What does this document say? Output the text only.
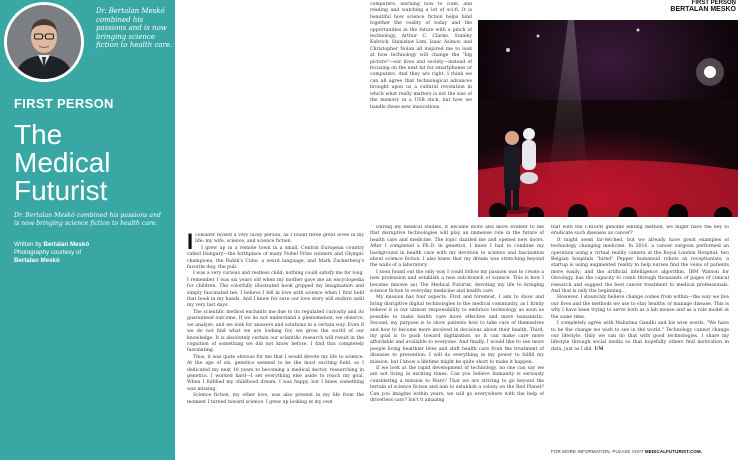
Dr. Bertalan Meskó combined his passions and is now bringing science fiction to health care.
FIRST PERSON
The
Medical
Futurist
Dr. Bertalan Meskó combined his passions and is now bringing science fiction to health care.
Written by Bertalan Meskó
Photography courtesy of
Bertalan Meskó
FIRST PERSON
BERTALAN MESKÓ
I consider myself a very lucky person, as I found three great loves in my life: my wife, science, and science fiction.

I grew up in a remote town in a small, Central European country called Hungary—the birthplace of many Nobel Prize winners and Olympic champions, the Rubik's Cube, a weird language, and Mark Zuckerberg's favorite dog, the puli.

I was a very curious and restless child; nothing could satisfy me for long. I remember I was six years old when my mother gave me an encyclopedia for children. The colorfully illustrated book gripped my imagination and simply fascinated me. I believe I fell in love with science when I first held that book in my hands. And I knew for sure our love story will endure until my very last days.

The scientific method enchants me due to its regulated curiosity and its guaranteed outcome. If we do not understand a phenomenon, we observe, we analyze, and we look for answers and solutions in a certain way. Even if we do not find what we are looking for, we grow the world of our knowledge. It is absolutely certain our scientific research will result in the cognition of something we did not know before. I find this completely fascinating.

Thus, it was quite obvious for me that I would devote my life to science. At the age of six, genetics seemed to be the most exciting field, so I dedicated my next 18 years to becoming a medical doctor, researching in genetics. I worked hard—I set everything else aside to reach my goal. When I fulfilled my childhood dream, I was happy, but I knew something was missing.

Science fiction, my other love, was also present in my life from the moment I turned toward science. I grew up looking at my own

computers, learning how to code, and reading and watching a lot of sci-fi. It is beautiful how science fiction helps bind together the reality of today and the opportunities in the future with a pinch of technology. Arthur C. Clarke, Stanley Kubrick, Stanisław Lem, Isaac Asimov, and Christopher Nolan all inspired me to look at how technology will change the "big picture"—our lives and society—instead of focusing on the next hit for smartphones or computers. And they are right. I think we can all agree that technological advances brought upon us a cultural revolution in which what really matters is not the size of the memory in a USB stick, but how we handle these new innovations.

During my medical studies, it became more and more evident to me that disruptive technologies will play an immense role in the future of health care and medicine. The topic dazzled me and opened new doors. After I completed a Ph.D. in genetics, I knew I had to combine my background in health care with my devotion to science and fascination about science fiction. I also knew that my dream was stretching beyond the walls of a laboratory.

I soon found out the only way I could follow my passion was to create a new profession and establish a new sub-branch of science. This is how I became (known as) The Medical Futurist, devoting my life to bringing science fiction to everyday medicine and health care.

My mission has four aspects. First and foremost, I aim to show and bring disruptive digital technologies to the medical community, as I firmly believe it is our utmost responsibility to embrace technology as soon as possible to make health care more effective and more humanistic. Second, my purpose is to show patients how to take care of themselves and how to become more involved in decisions about their health. Third, my goal is to push toward digitization, so it can make care more affordable and available to everyone. And finally, I would like to see more people living healthier lives and shift health care from the treatment of diseases to prevention. I will do everything in my power to fulfill my mission, but I know a lifetime might be quite short to make it happen.

If we look at the rapid development of technology, no one can say we are not living in exciting times. Can you believe humanity is seriously considering a mission to Mars? That we are striving to go beyond the terrain of science fiction and aim to establish a colony on the Red Planet? Can you imagine within years, we will go everywhere with the help of driverless cars? Isn't it amazing

that with the CRISPR genome editing method, we might have the key to eradicate such diseases as cancer?

It might seem far-fetched, but we already have great examples of technology changing medicine. In 2016, a cancer surgeon performed an operation using a virtual reality camera at the Royal London Hospital; two Belgian hospitals "hired" Pepper humanoid robots as receptionists; a startup is using augmented reality to help nurses find the veins of patients more easily; and the artificial intelligence algorithm, IBM Watson for Oncology, has the capacity to comb through thousands of pages of clinical research and suggest the best cancer treatment to medical professionals. And that is only the beginning…

However, I staunchly believe change comes from within—the way we live our lives and the methods we use to stay healthy or manage disease. This is why I have been trying to serve both as a lab mouse and as a role model at the same time.

I completely agree with Mahatma Gandhi and his wise words. "We have to be the change we wish to see in the world." Technology cannot change our lifestyle. Only we can do that with good technologies. I share my lifestyle through social media so that hopefully others find motivation in data, just as I did. UM

FOR MORE INFORMATION, PLEASE VISIT MEDICALFUTURIST.COM.
